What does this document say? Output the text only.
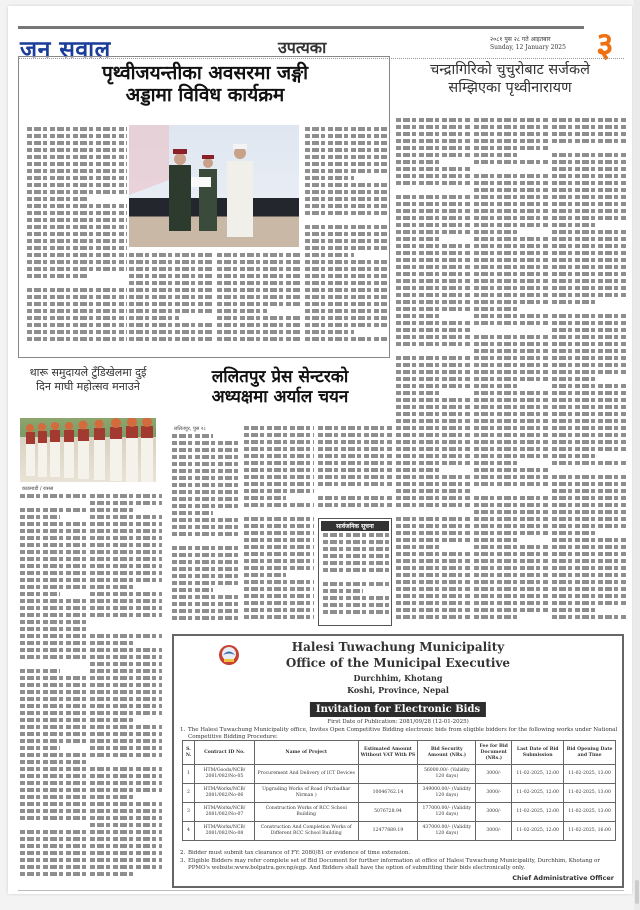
जन सवाल	उपत्यका	२०८१ पुस २८ गते आइतबार
Sunday, 12 January 2025 ३
पृथ्वीजयन्तीका अवसरमा जङ्गी
अड्डामा विविध कार्यक्रम
चन्द्रागिरिको चुचुरोबाट सर्जकले
सम्झिएका पृथ्वीनारायण
थारू समुदायले टुँडिखेलमा दुई
दिन माघी महोत्सव मनाउने
काठमाडौं / रासस
ललितपुर प्रेस सेन्टरको
अध्यक्षमा अर्याल चयन
ललितपुर, पुस २८
सार्वजनिक सूचना
Halesi Tuwachung Municipality
Office of the Municipal Executive
Durchhim, Khotang
Koshi, Province, Nepal
Invitation for Electronic Bids
First Date of Publication: 2081/09/28 (12-01-2025)
1. The Halesi Tuwachung Municipality office, Invites Open Competitive Bidding electronic bids from eligible bidders for the following works under National Competitive Bidding Procedure:
S. N.	Contract ID No.	Name of Project	Estimated Amount Without VAT With PS	Bid Security Amount (NRs.)	Fee for Bid Document (NRs.)	Last Date of Bid Submission	Bid Opening Date and Time
1	HTM/Goods/NCB/ 2081/082/No-05	Procurement And Delivery of ICT Devices		56000.00/- (Validity 120 days)	3000/-	11-02-2025, 12:00	11-02-2025, 13:00
2	HTM/Works/NCB/ 2081/082/No-06	Upgrading Works of Road (Purbadhar Nirman )	10046762.14	349000.00/- (Validity 120 days)	3000/-	11-02-2025, 12:00	11-02-2025, 13:00
3	HTM/Works/NCB/ 2081/082/No-07	Construction Works of RCC School Building	5076728.94	177000.00/- (Validity 120 days)	3000/-	11-02-2025, 12:00	11-02-2025, 13:00
4	HTM/Works/NCB/ 2081/082/No-08	Construction And Completion Works of Different RCC School Building	12477889.19	437000.00/- (Validity 120 days)	3000/-	11-02-2025, 12:00	11-02-2025, 16:00
2. Bidder must submit tax clearance of FY: 2080/81 or evidence of time extension.
3. Eligible Bidders may refer complete set of Bid Document for further information at office of Halesi Tuwachung Municipality, Durchhim, Khotang or PPMO's website:www.bolpatra.gov.np/egp. And Bidders shall have the option of submitting their bids electronically only.
Chief Administrative Officer
